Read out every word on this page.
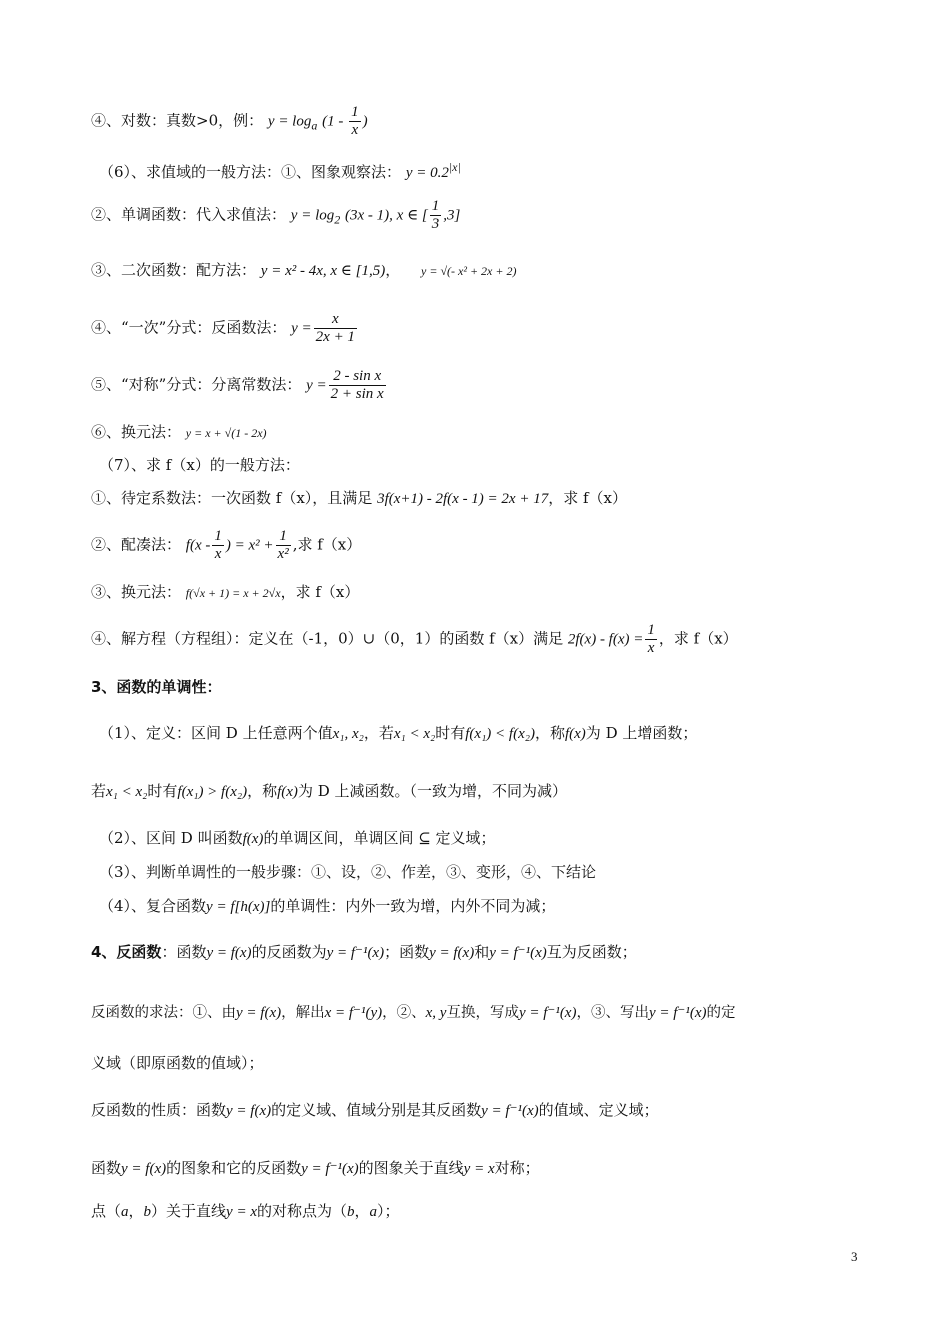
④、对数：真数>0，例： $y = \log_a (1 - \frac{1}{x}$ )
（6）、求值域的一般方法：①、图象观察法： $y = 0.2^{|x|}$
②、单调函数：代入求值法： $y = \log_2 (3x - 1)$, x ∈ [ $\frac{1}{3} ,3$]
③、二次函数：配方法： y = x² - 4x, x ∈ [1,5)， y = √(- x² + 2x + 2)
④、“一次”分式：反函数法： $y = \frac{x}{2x + 1}$
⑤、“对称”分式：分离常数法： $y = \frac{\text{2 - sin x}}{\text{2 + sin x}}$
⑥、换元法： y = x + √(1 - 2x)
（7）、求 f（x）的一般方法：
①、待定系数法：一次函数 f（x），且满足 3f(x+1) - 2f(x - 1) = 2x + 17，求 f（x）
②、配凑法： $f(x - \frac{1}{x}$ ) = $x^2 + \frac{1}{\text{x²}}$ ,求 f（x）
③、换元法： f(√x + 1) = x + 2√x，求 f（x）
④、解方程（方程组）：定义在（-1，0）∪（0，1）的函数 f（x）满足 $2f(x) - f(x) = \frac{1}{x}$ ，求 f（x）
3、函数的单调性：
（1）、定义：区间 D 上任意两个值x₁, x₂，若x₁ < x₂时有f(x₁) < f(x₂)，称f(x)为 D 上增函数；
若x₁ < x₂时有f(x₁) > f(x₂)，称f(x)为 D 上减函数。（一致为增，不同为减）
（2）、区间 D 叫函数f(x)的单调区间，单调区间 ⊆ 定义域；
（3）、判断单调性的一般步骤：①、设，②、作差，③、变形，④、下结论
（4）、复合函数y = f[h(x)]的单调性：内外一致为增，内外不同为减；
4、反函数：函数y = f(x)的反函数为y = f⁻¹(x)；函数y = f(x)和y = f⁻¹(x)互为反函数；
反函数的求法：①、由y = f(x)，解出x = f⁻¹(y)，②、x, y互换，写成y = f⁻¹(x)，③、写出y = f⁻¹(x)的定
义域（即原函数的值域）；
反函数的性质：函数y = f(x)的定义域、值域分别是其反函数y = f⁻¹(x)的值域、定义域；
函数y = f(x)的图象和它的反函数y = f⁻¹(x)的图象关于直线y = x对称；
点（a，b）关于直线y = x的对称点为（b，a）；
3
